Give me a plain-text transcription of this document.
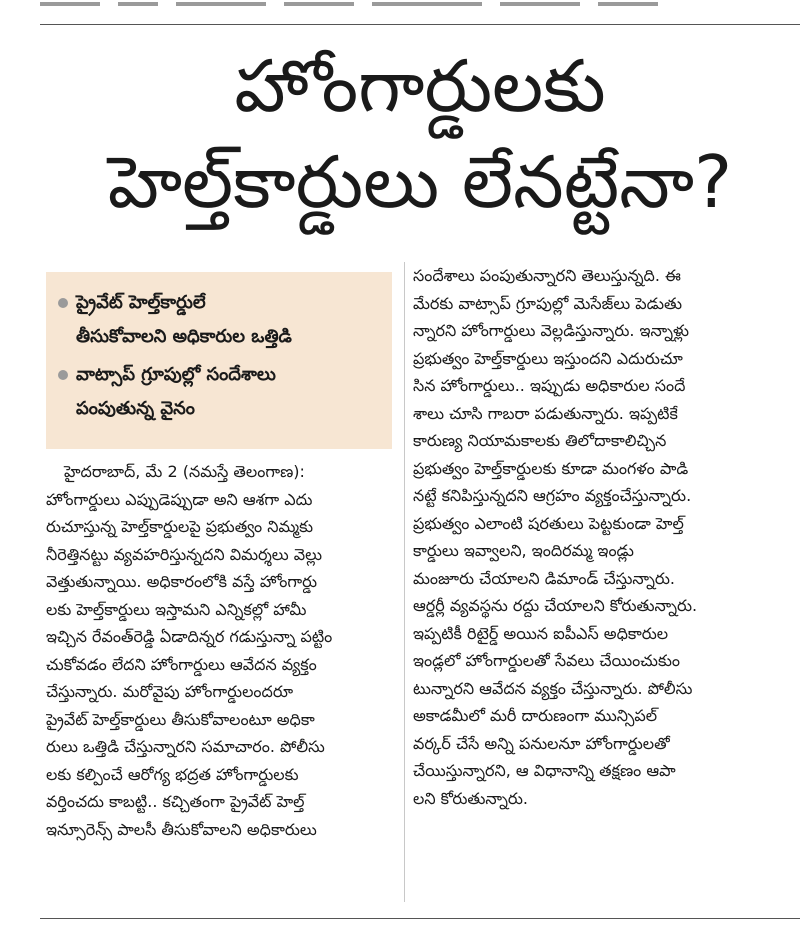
హోంగార్డులకు
హెల్త్‌కార్డులు లేనట్టేనా?
ప్రైవేట్ హెల్త్‌కార్డులే
తీసుకోవాలని అధికారుల ఒత్తిడి
వాట్సాప్ గ్రూపుల్లో సందేశాలు
పంపుతున్న వైనం
హైదరాబాద్, మే 2 (నమస్తే తెలంగాణ):
హోంగార్డులు ఎప్పుడెప్పుడా అని ఆశగా ఎదు
రుచూస్తున్న హెల్త్‌కార్డులపై ప్రభుత్వం నిమ్మకు
నీరెత్తినట్టు వ్యవహరిస్తున్నదని విమర్శలు వెల్లు
వెత్తుతున్నాయి. అధికారంలోకి వస్తే హోంగార్డు
లకు హెల్త్‌కార్డులు ఇస్తామని ఎన్నికల్లో హామీ
ఇచ్చిన రేవంత్‌రెడ్డి ఏడాదిన్నర గడుస్తున్నా పట్టిం
చుకోవడం లేదని హోంగార్డులు ఆవేదన వ్యక్తం
చేస్తున్నారు. మరోవైపు హోంగార్డులందరూ
ప్రైవేట్ హెల్త్‌కార్డులు తీసుకోవాలంటూ అధికా
రులు ఒత్తిడి చేస్తున్నారని సమాచారం. పోలీసు
లకు కల్పించే ఆరోగ్య భద్రత హోంగార్డులకు
వర్తించదు కాబట్టి.. కచ్చితంగా ప్రైవేట్ హెల్త్
ఇన్సూరెన్స్ పాలసీ తీసుకోవాలని అధికారులు
సందేశాలు పంపుతున్నారని తెలుస్తున్నది. ఈ
మేరకు వాట్సాప్ గ్రూపుల్లో మెసేజ్‌లు పెడుతు
న్నారని హోంగార్డులు వెల్లడిస్తున్నారు. ఇన్నాళ్లు
ప్రభుత్వం హెల్త్‌కార్డులు ఇస్తుందని ఎదురుచూ
సిన హోంగార్డులు.. ఇప్పుడు అధికారుల సందే
శాలు చూసి గాబరా పడుతున్నారు. ఇప్పటికే
కారుణ్య నియామకాలకు తిలోదాకాలిచ్చిన
ప్రభుత్వం హెల్త్‌కార్డులకు కూడా మంగళం పాడి
నట్టే కనిపిస్తున్నదని ఆగ్రహం వ్యక్తంచేస్తున్నారు.
ప్రభుత్వం ఎలాంటి షరతులు పెట్టకుండా హెల్త్
కార్డులు ఇవ్వాలని, ఇందిరమ్మ ఇండ్లు
మంజూరు చేయాలని డిమాండ్ చేస్తున్నారు.
ఆర్డర్లీ వ్యవస్థను రద్దు చేయాలని కోరుతున్నారు.
ఇప్పటికీ రిటైర్డ్ అయిన ఐపీఎస్ అధికారుల
ఇండ్లలో హోంగార్డులతో సేవలు చేయించుకుం
టున్నారని ఆవేదన వ్యక్తం చేస్తున్నారు. పోలీసు
అకాడమీలో మరీ దారుణంగా మున్సిపల్
వర్కర్ చేసే అన్ని పనులనూ హోంగార్డులతో
చేయిస్తున్నారని, ఆ విధానాన్ని తక్షణం ఆపా
లని కోరుతున్నారు.
